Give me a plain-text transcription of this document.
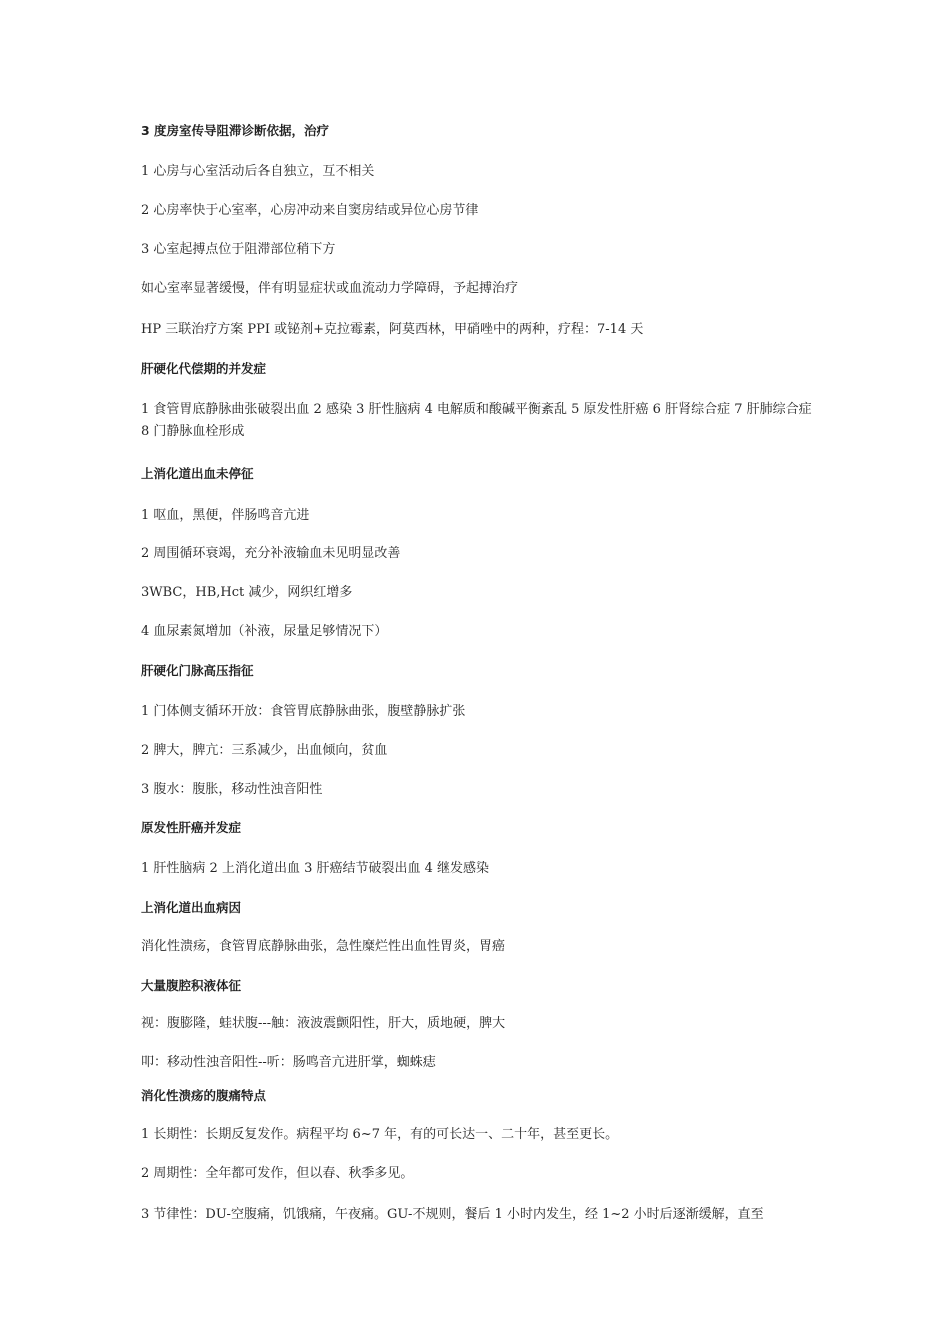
3 度房室传导阻滞诊断依据，治疗
1 心房与心室活动后各自独立，互不相关
2 心房率快于心室率，心房冲动来自窦房结或异位心房节律
3 心室起搏点位于阻滞部位稍下方
如心室率显著缓慢，伴有明显症状或血流动力学障碍，予起搏治疗
HP 三联治疗方案 PPI 或铋剂+克拉霉素，阿莫西林，甲硝唑中的两种，疗程：7-14 天
肝硬化代偿期的并发症
1 食管胃底静脉曲张破裂出血 2 感染 3 肝性脑病 4 电解质和酸碱平衡紊乱 5 原发性肝癌 6 肝肾综合症 7 肝肺综合症 8 门静脉血栓形成
上消化道出血未停征
1 呕血，黑便，伴肠鸣音亢进
2 周围循环衰竭，充分补液输血未见明显改善
3WBC，HB,Hct 减少，网织红增多
4 血尿素氮增加（补液，尿量足够情况下）
肝硬化门脉高压指征
1 门体侧支循环开放：食管胃底静脉曲张，腹壁静脉扩张
2 脾大，脾亢：三系减少，出血倾向，贫血
3 腹水：腹胀，移动性浊音阳性
原发性肝癌并发症
1 肝性脑病 2 上消化道出血 3 肝癌结节破裂出血 4 继发感染
上消化道出血病因
消化性溃疡，食管胃底静脉曲张，急性糜烂性出血性胃炎，胃癌
大量腹腔积液体征
视：腹膨隆，蛙状腹---触：液波震颤阳性，肝大，质地硬，脾大
叩：移动性浊音阳性--听：肠鸣音亢进肝掌，蜘蛛痣
消化性溃疡的腹痛特点
1 长期性：长期反复发作。病程平均 6~7 年，有的可长达一、二十年，甚至更长。
2 周期性：全年都可发作，但以春、秋季多见。
3 节律性：DU-空腹痛，饥饿痛，午夜痛。GU-不规则，餐后 1 小时内发生，经 1~2 小时后逐渐缓解，直至
